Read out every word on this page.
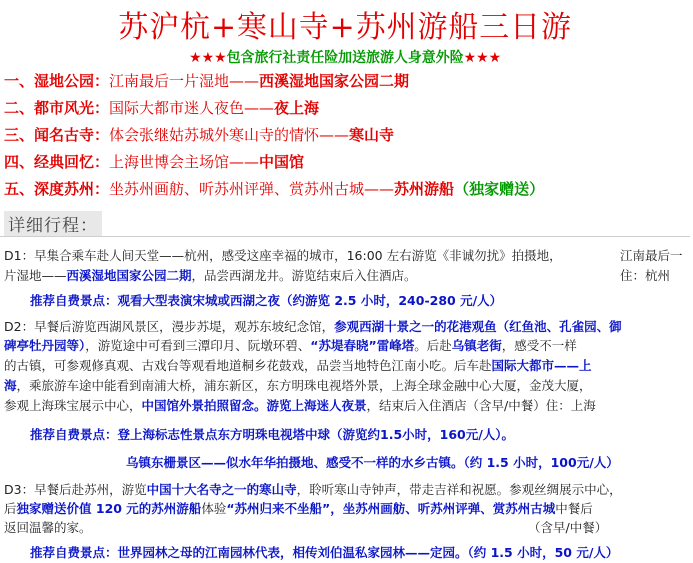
苏沪杭+寒山寺+苏州游船三日游
★★★包含旅行社责任险加送旅游人身意外险★★★
一、湿地公园：江南最后一片湿地——西溪湿地国家公园二期
二、都市风光：国际大都市迷人夜色——夜上海
三、闻名古寺：体会张继姑苏城外寒山寺的情怀——寒山寺
四、经典回忆：上海世博会主场馆——中国馆
五、深度苏州：坐苏州画舫、听苏州评弹、赏苏州古城——苏州游船（独家赠送）
详细行程：
D1：早集合乘车赴人间天堂——杭州，感受这座幸福的城市，16:00 左右游览《非诚勿扰》拍摄地，	江南最后一
片湿地——西溪湿地国家公园二期，品尝西湖龙井。游览结束后入住酒店。	住：杭州
推荐自费景点：观看大型表演宋城或西湖之夜（约游览 2.5 小时，240-280 元/人）
D2：早餐后游览西湖风景区，漫步苏堤，观苏东坡纪念馆，参观西湖十景之一的花港观鱼（红鱼池、孔雀园、御
碑亭牡丹园等），游览途中可看到三潭印月、阮墩环碧、“苏堤春晓”雷峰塔。后赴乌镇老街，感受不一样
的古镇，可参观修真观、古戏台等观看地道桐乡花鼓戏，品尝当地特色江南小吃。后车赴国际大都市——上
海，乘旅游车途中能看到南浦大桥，浦东新区，东方明珠电视塔外景，上海全球金融中心大厦，金茂大厦，
参观上海珠宝展示中心，中国馆外景拍照留念。游览上海迷人夜景，结束后入住酒店（含早/中餐）住：上海
推荐自费景点：登上海标志性景点东方明珠电视塔中球（游览约1.5小时，160元/人）。
乌镇东栅景区——似水年华拍摄地、感受不一样的水乡古镇。（约 1.5 小时，100元/人）
D3：早餐后赴苏州，游览中国十大名寺之一的寒山寺，聆听寒山寺钟声，带走吉祥和祝愿。参观丝绸展示中心，
后独家赠送价值 120 元的苏州游船体验“苏州归来不坐船”，坐苏州画舫、听苏州评弹、赏苏州古城中餐后
返回温馨的家。	（含早/中餐）
推荐自费景点：世界园林之母的江南园林代表，相传刘伯温私家园林——定园。（约 1.5 小时，50 元/人）
